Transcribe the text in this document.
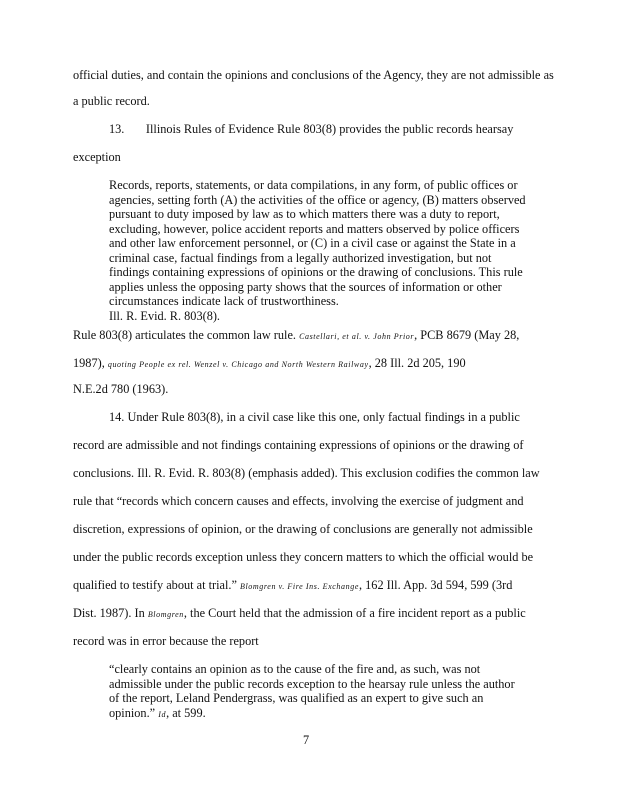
official duties, and contain the opinions and conclusions of the Agency, they are not admissible as
a public record.
13. Illinois Rules of Evidence Rule 803(8) provides the public records hearsay
exception
Records, reports, statements, or data compilations, in any form, of public offices or
agencies, setting forth (A) the activities of the office or agency, (B) matters observed
pursuant to duty imposed by law as to which matters there was a duty to report,
excluding, however, police accident reports and matters observed by police officers
and other law enforcement personnel, or (C) in a civil case or against the State in a
criminal case, factual findings from a legally authorized investigation, but not
findings containing expressions of opinions or the drawing of conclusions. This rule
applies unless the opposing party shows that the sources of information or other
circumstances indicate lack of trustworthiness.
Ill. R. Evid. R. 803(8).
Rule 803(8) articulates the common law rule. Castellari, et al. v. John Prior, PCB 8679 (May 28,
1987), quoting People ex rel. Wenzel v. Chicago and North Western Railway, 28 Ill. 2d 205, 190
N.E.2d 780 (1963).
14. Under Rule 803(8), in a civil case like this one, only factual findings in a public
record are admissible and not findings containing expressions of opinions or the drawing of
conclusions. Ill. R. Evid. R. 803(8) (emphasis added). This exclusion codifies the common law
rule that “records which concern causes and effects, involving the exercise of judgment and
discretion, expressions of opinion, or the drawing of conclusions are generally not admissible
under the public records exception unless they concern matters to which the official would be
qualified to testify about at trial.” Blomgren v. Fire Ins. Exchange, 162 Ill. App. 3d 594, 599 (3rd
Dist. 1987). In Blomgren, the Court held that the admission of a fire incident report as a public
record was in error because the report
“clearly contains an opinion as to the cause of the fire and, as such, was not
admissible under the public records exception to the hearsay rule unless the author
of the report, Leland Pendergrass, was qualified as an expert to give such an
opinion.” Id, at 599.
7
